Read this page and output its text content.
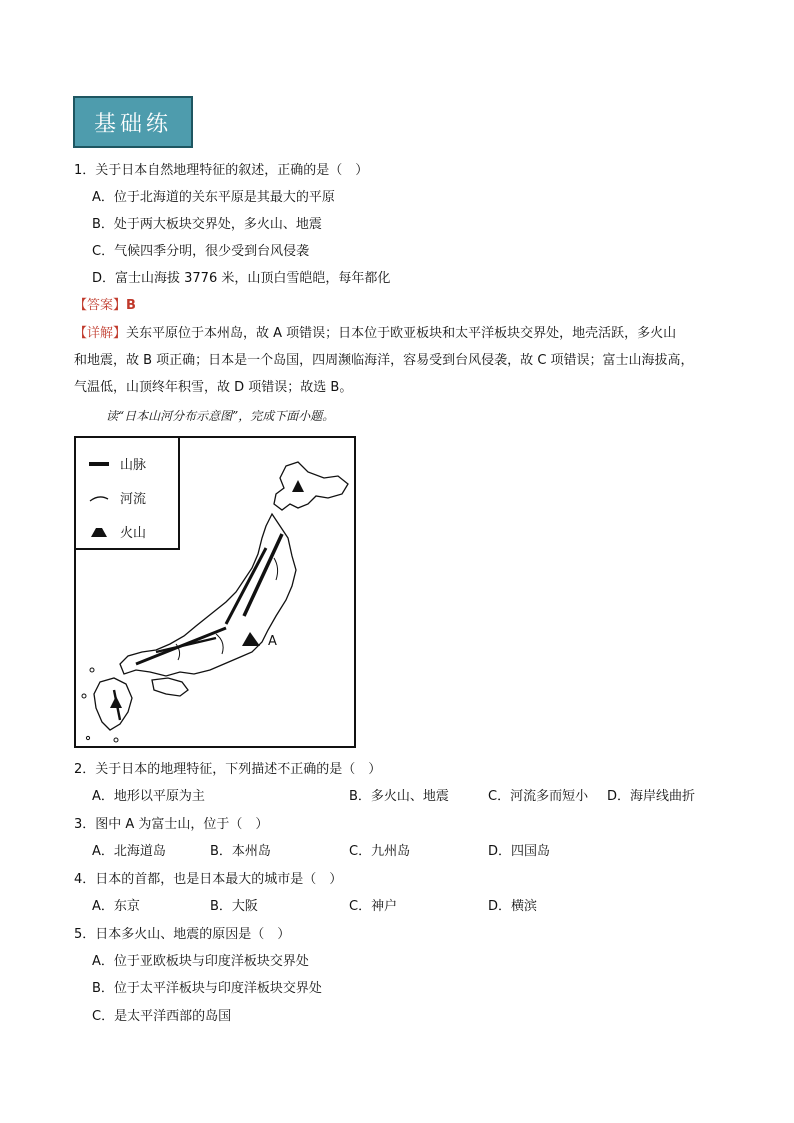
基础练
1．关于日本自然地理特征的叙述，正确的是（　）
A．位于北海道的关东平原是其最大的平原
B．处于两大板块交界处，多火山、地震
C．气候四季分明，很少受到台风侵袭
D．富士山海拔 3776 米，山顶白雪皑皑，每年都化
【答案】B
【详解】关东平原位于本州岛，故 A 项错误；日本位于欧亚板块和太平洋板块交界处，地壳活跃，多火山
和地震，故 B 项正确；日本是一个岛国，四周濒临海洋，容易受到台风侵袭，故 C 项错误；富士山海拔高，
气温低，山顶终年积雪，故 D 项错误；故选 B。
读“日本山河分布示意图”，完成下面小题。
A
山脉
河流
火山
2．关于日本的地理特征，下列描述不正确的是（　）
A．地形以平原为主	B．多火山、地震	C．河流多而短小 D．海岸线曲折
3．图中 A 为富士山，位于（　）
A．北海道岛	B．本州岛	C．九州岛	D．四国岛
4．日本的首都，也是日本最大的城市是（　）
A．东京	B．大阪	C．神户	D．横滨
5．日本多火山、地震的原因是（　）
A．位于亚欧板块与印度洋板块交界处
B．位于太平洋板块与印度洋板块交界处
C．是太平洋西部的岛国
